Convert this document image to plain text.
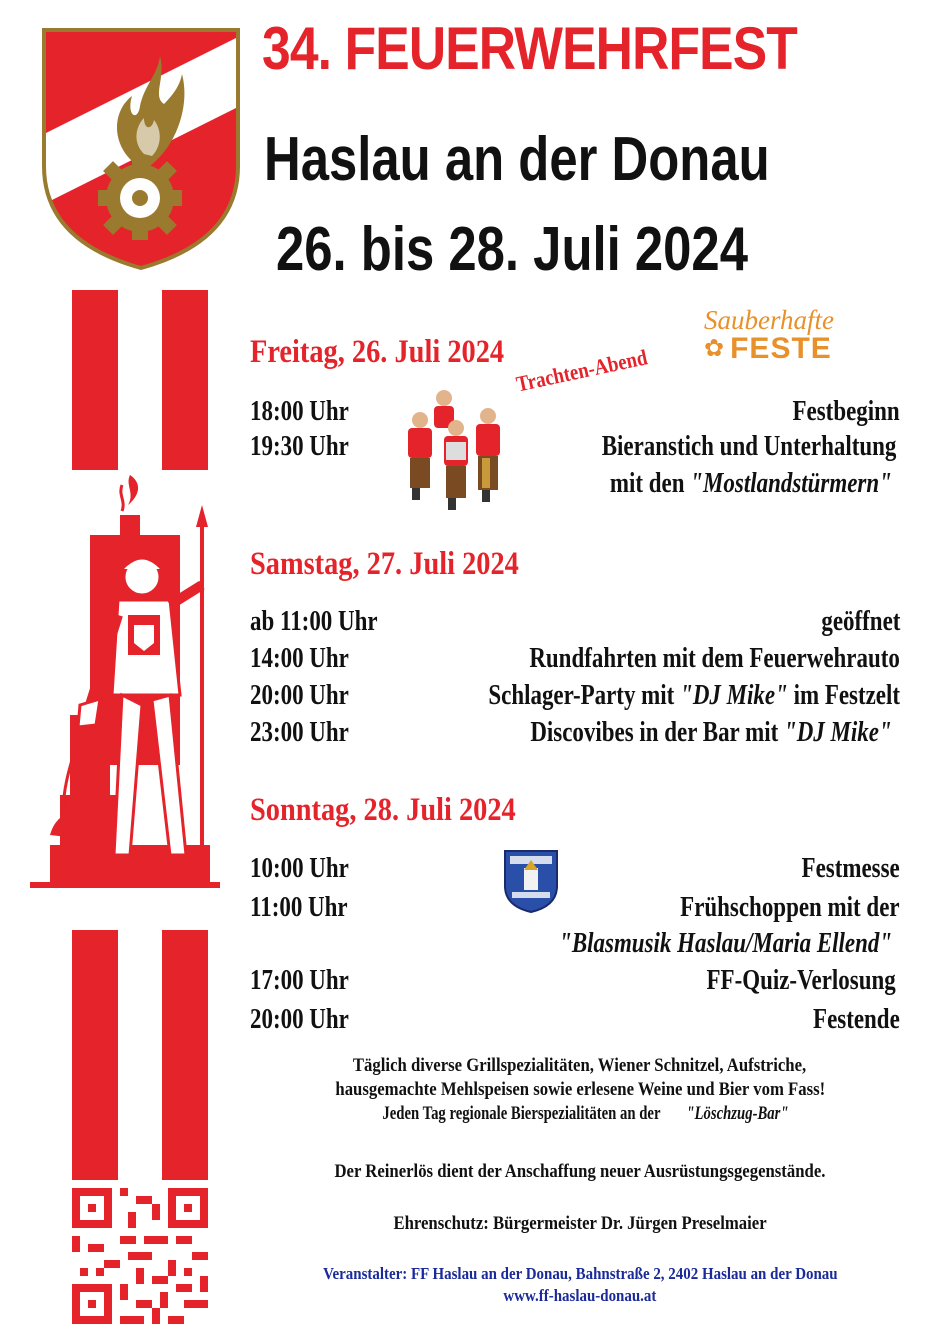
34. FEUERWEHRFEST
Haslau an der Donau
26. bis 28. Juli 2024
Sauberhafte
✿ FESTE
Freitag, 26. Juli 2024 Trachten-Abend
18:00 Uhr	Festbeginn
19:30 Uhr	Bieranstich und Unterhaltung
mit den "Mostlandstürmern"
Samstag, 27. Juli 2024
ab 11:00 Uhr	geöffnet
14:00 Uhr	Rundfahrten mit dem Feuerwehrauto
20:00 Uhr	Schlager-Party mit "DJ Mike" im Festzelt
23:00 Uhr	Discovibes in der Bar mit "DJ Mike"
Sonntag, 28. Juli 2024
10:00 Uhr	Festmesse
11:00 Uhr	Frühschoppen mit der
"Blasmusik Haslau/Maria Ellend"
17:00 Uhr	FF-Quiz-Verlosung
20:00 Uhr	Festende
Täglich diverse Grillspezialitäten, Wiener Schnitzel, Aufstriche,
hausgemachte Mehlspeisen sowie erlesene Weine und Bier vom Fass!
Jeden Tag regionale Bierspezialitäten an der"Löschzug-Bar"
Der Reinerlös dient der Anschaffung neuer Ausrüstungsgegenstände.
Ehrenschutz: Bürgermeister Dr. Jürgen Preselmaier
Veranstalter: FF Haslau an der Donau, Bahnstraße 2, 2402 Haslau an der Donau
www.ff-haslau-donau.at
